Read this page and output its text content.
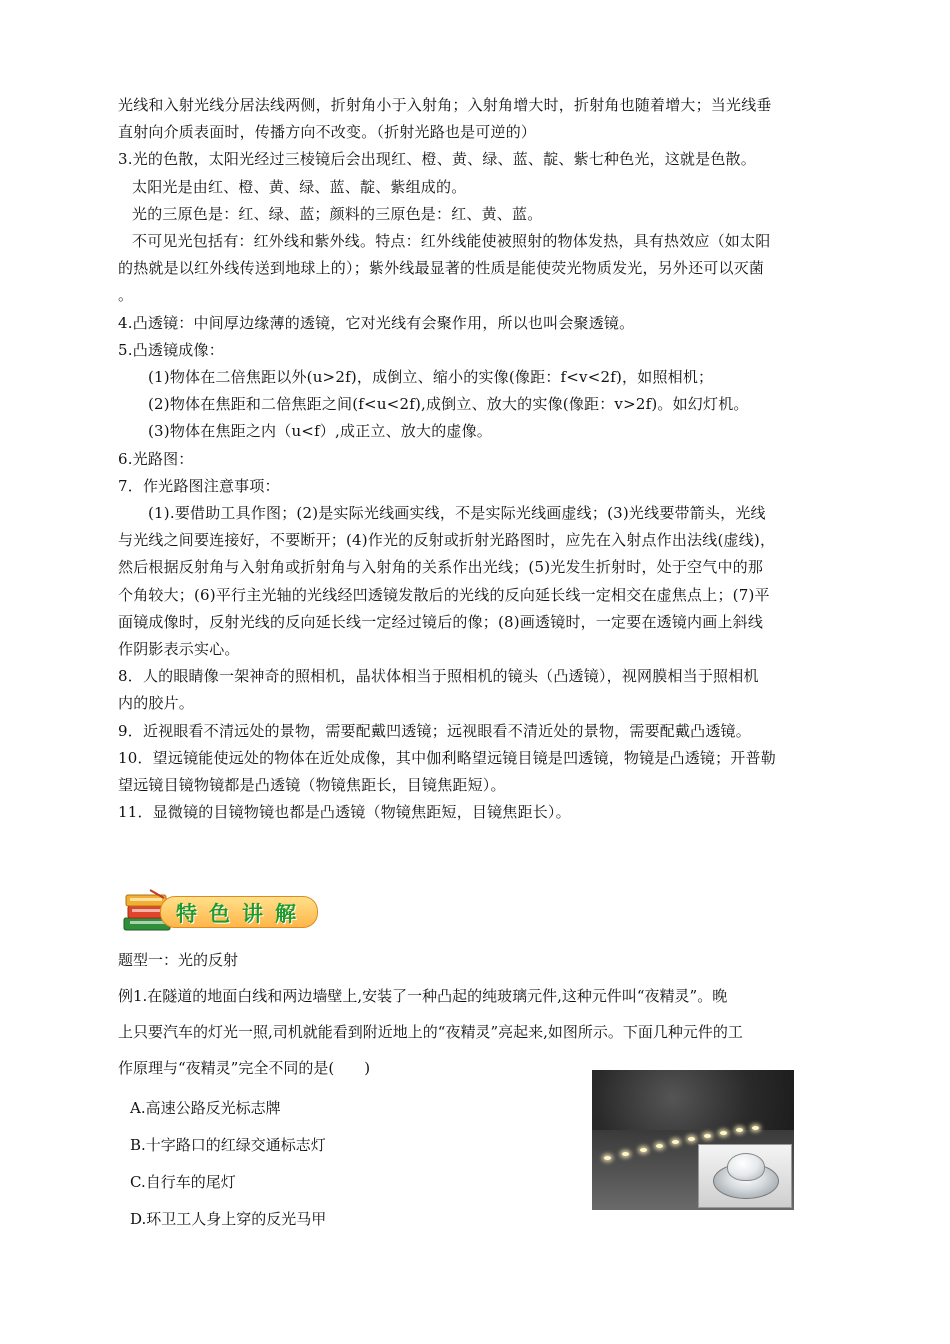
光线和入射光线分居法线两侧，折射角小于入射角；入射角增大时，折射角也随着增大；当光线垂

直射向介质表面时，传播方向不改变。（折射光路也是可逆的）

3.光的色散，太阳光经过三棱镜后会出现红、橙、黄、绿、蓝、靛、紫七种色光，这就是色散。

太阳光是由红、橙、黄、绿、蓝、靛、紫组成的。

光的三原色是：红、绿、蓝；颜料的三原色是：红、黄、蓝。

不可见光包括有：红外线和紫外线。特点：红外线能使被照射的物体发热，具有热效应（如太阳

的热就是以红外线传送到地球上的）；紫外线最显著的性质是能使荧光物质发光，另外还可以灭菌

。

4.凸透镜：中间厚边缘薄的透镜，它对光线有会聚作用，所以也叫会聚透镜。

5.凸透镜成像：

(1)物体在二倍焦距以外(u>2f)，成倒立、缩小的实像(像距：f<v<2f)，如照相机；

(2)物体在焦距和二倍焦距之间(f<u<2f),成倒立、放大的实像(像距：v>2f)。如幻灯机。

(3)物体在焦距之内（u<f）,成正立、放大的虚像。

6.光路图：

7．作光路图注意事项：

(1).要借助工具作图；(2)是实际光线画实线，不是实际光线画虚线；(3)光线要带箭头，光线

与光线之间要连接好，不要断开；(4)作光的反射或折射光路图时，应先在入射点作出法线(虚线)，

然后根据反射角与入射角或折射角与入射角的关系作出光线；(5)光发生折射时，处于空气中的那

个角较大；(6)平行主光轴的光线经凹透镜发散后的光线的反向延长线一定相交在虚焦点上；(7)平

面镜成像时，反射光线的反向延长线一定经过镜后的像；(8)画透镜时，一定要在透镜内画上斜线

作阴影表示实心。

8．人的眼睛像一架神奇的照相机，晶状体相当于照相机的镜头（凸透镜），视网膜相当于照相机

内的胶片。

9．近视眼看不清远处的景物，需要配戴凹透镜；远视眼看不清近处的景物，需要配戴凸透镜。

10．望远镜能使远处的物体在近处成像，其中伽利略望远镜目镜是凹透镜，物镜是凸透镜；开普勒

望远镜目镜物镜都是凸透镜（物镜焦距长，目镜焦距短）。

11．显微镜的目镜物镜也都是凸透镜（物镜焦距短，目镜焦距长）。

特色讲解

题型一：光的反射

例1.在隧道的地面白线和两边墙壁上,安装了一种凸起的纯玻璃元件,这种元件叫“夜精灵”。晚

上只要汽车的灯光一照,司机就能看到附近地上的“夜精灵”亮起来,如图所示。下面几种元件的工

作原理与“夜精灵”完全不同的是(　　)

A.高速公路反光标志牌

B.十字路口的红绿交通标志灯

C.自行车的尾灯

D.环卫工人身上穿的反光马甲
